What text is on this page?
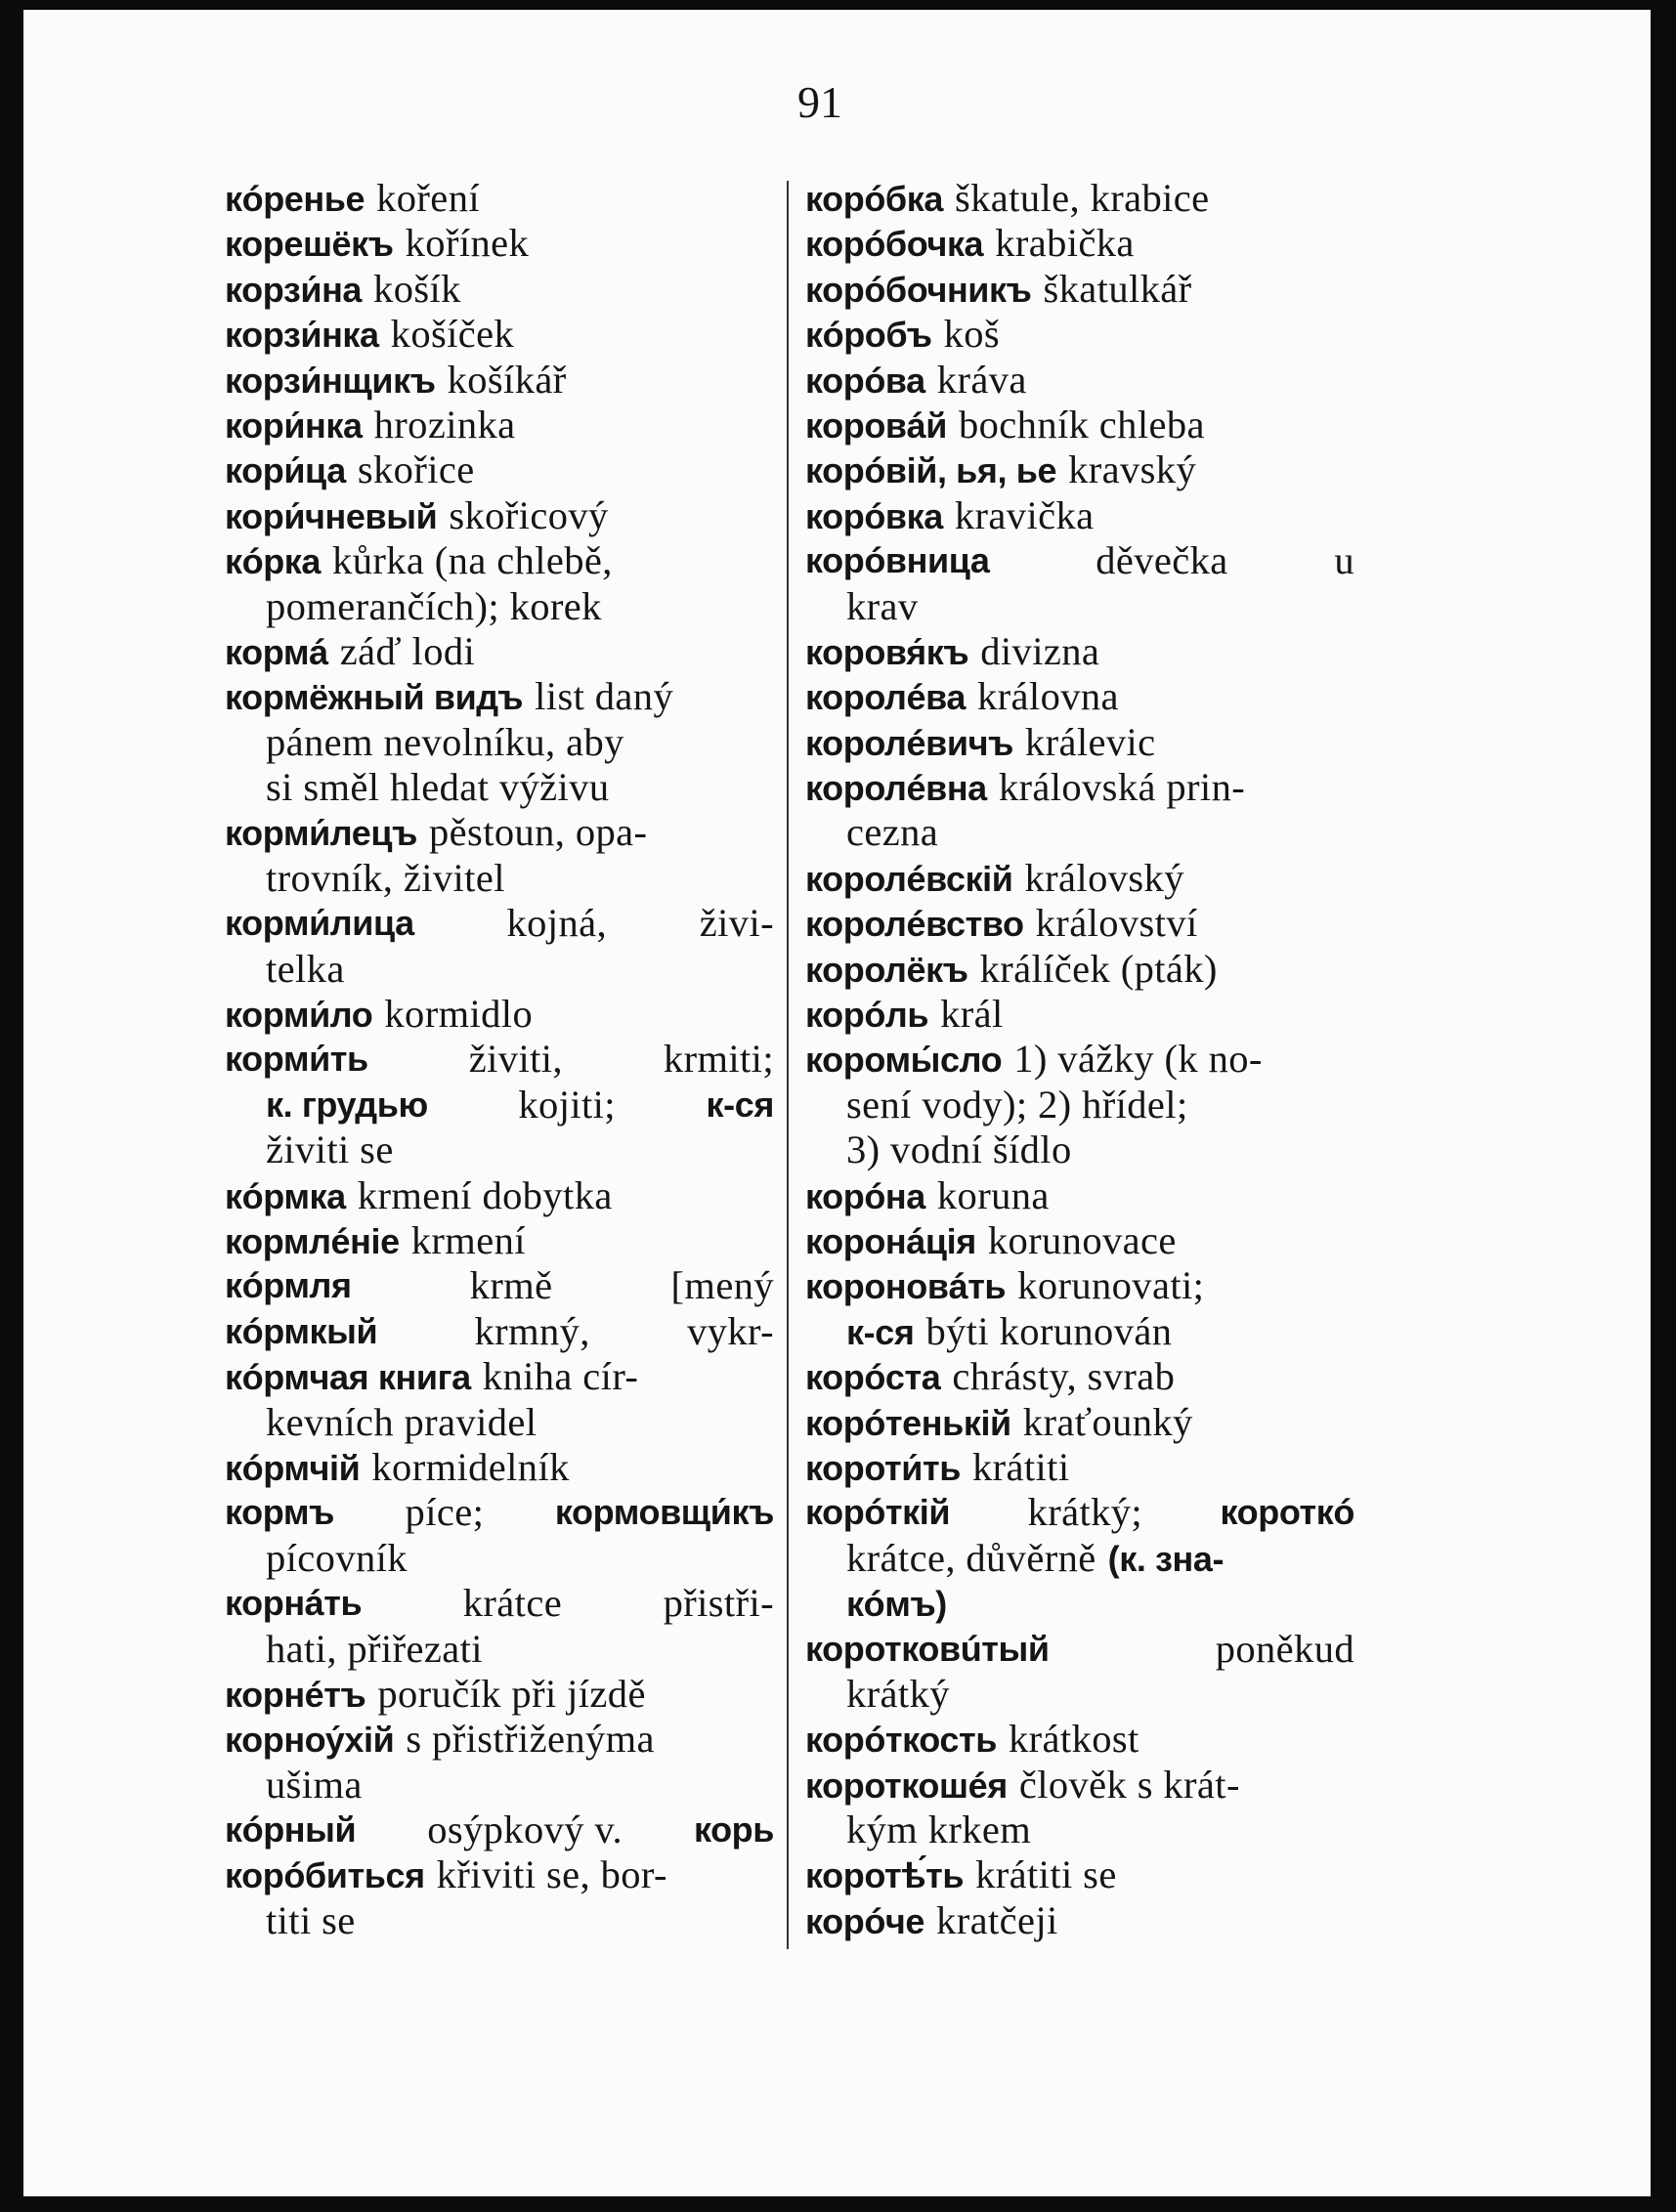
91
кóренье koření
корешёкъ kořínek
корзи́на košík
корзи́нка košíček
корзи́нщикъ košíkář
кори́нка hrozinka
кори́ца skořice
кори́чневый skořicový
кóрка kůrka (na chlebě,
pomerančích); korek
кормá záď lodi
кормёжный видъ list daný
pánem nevolníku, aby
si směl hledat výživu
корми́лецъ pěstoun, opa-
trovník, živitel
корми́лица kojná, živi-
telka
корми́ло kormidlo
корми́ть	živiti,	krmiti;
к. грудью kojiti;	к-ся
živiti se
кóрмка krmení dobytka
кормлéніе krmení
кóрмля	krmě	[mený
кóрмкый krmný, vykr-
кóрмчая книга kniha cír-
kevních pravidel
кóрмчій kormidelník
кормъ píce; кормовщи́къ
pícovník
корнáть	krátce	přistři-
hati, přiřezati
корнéтъ poručík při jízdě
корноу́хій s přistřiženýma
ušima
кóрный osýpkový v. корь
корóбиться křiviti se, bor-
titi se
корóбка škatule, krabice
корóбочка krabička
корóбочникъ škatulkář
кóробъ koš
корóва kráva
коровáй bochník chleba
корóвій, ья, ье kravský
корóвка kravička
корóвница	děvečka	u
krav
коровя́къ divizna
королéва královna
королéвичъ králevic
королéвна královská prin-
cezna
королéвскій královský
королéвство království
королёкъ králíček (pták)
корóль král
коромы́сло 1) vážky (k no-
sení vody); 2) hřídel;
3) vodní šídlo
корóна koruna
коронáція korunovace
короновáть korunovati;
к-ся býti korunován
корóста chrásty, svrab
корóтенькій kraťounký
короти́ть krátiti
корóткій krátký; короткó
krátce, důvěrně (к. зна-
кóмъ)
коротковúтый	poněkud
krátký
корóткость krátkost
короткошéя člověk s krát-
kým krkem
коротѣ́ть krátiti se
корóче kratčeji
